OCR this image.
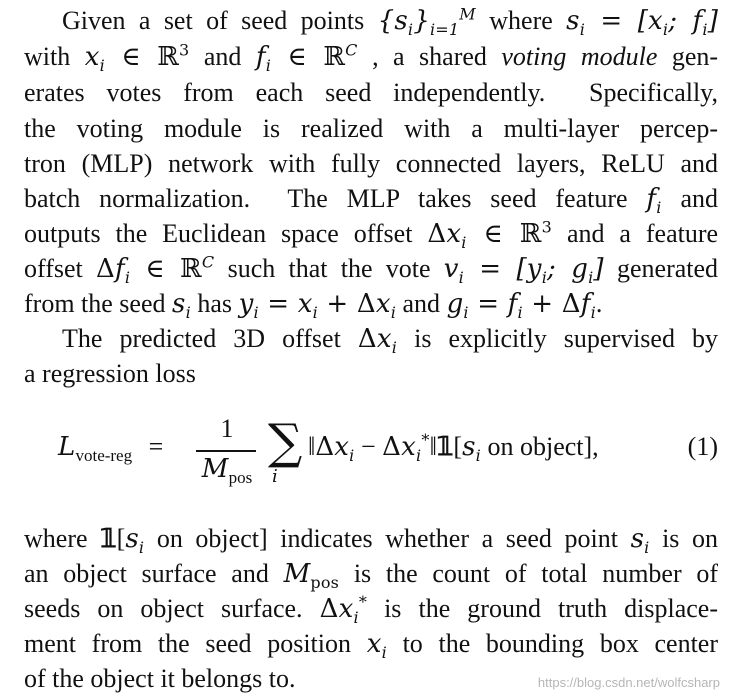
Given a set of seed points $\{s_i\}_{i=1}^M$ where $s_i = [x_i$; $f_i$]
with $x_i$ ∈ ℝ$^3$ and $f_i$ ∈ ℝ$^C$ , a shared voting module gen-
erates votes from each seed independently.  Specifically,
the voting module is realized with a multi-layer percep-
tron (MLP) network with fully connected layers, ReLU and
batch normalization.  The MLP takes seed feature $f_i$ and
outputs the Euclidean space offset $\Delta x_i$ ∈ ℝ$^3$ and a feature
offset $\Delta f_i$ ∈ ℝ$^C$ such that the vote $v_i = [y_i$; $g_i$] generated
from the seed $s_i$ has $y_i = x_i + \Delta x_i$ and $g_i = f_i + \Delta f_i$.
The predicted 3D offset $\Delta x_i$ is explicitly supervised by
a regression loss
$L_{vote-reg}$ =
1
$M_{pos}$
∑
i
$‖\Delta x_i$ − $\Delta x_i^*‖𝟙[s_i$ on object],	(1)
where $𝟙[s_i$ on object] indicates whether a seed point $s_i$ is on
an object surface and $M_{pos}$ is the count of total number of
seeds on object surface. $\Delta x_i^*$ is the ground truth displace-
ment from the seed position $x_i$ to the bounding box center
of the object it belongs to.	https://blog.csdn.net/wolfcsharp
